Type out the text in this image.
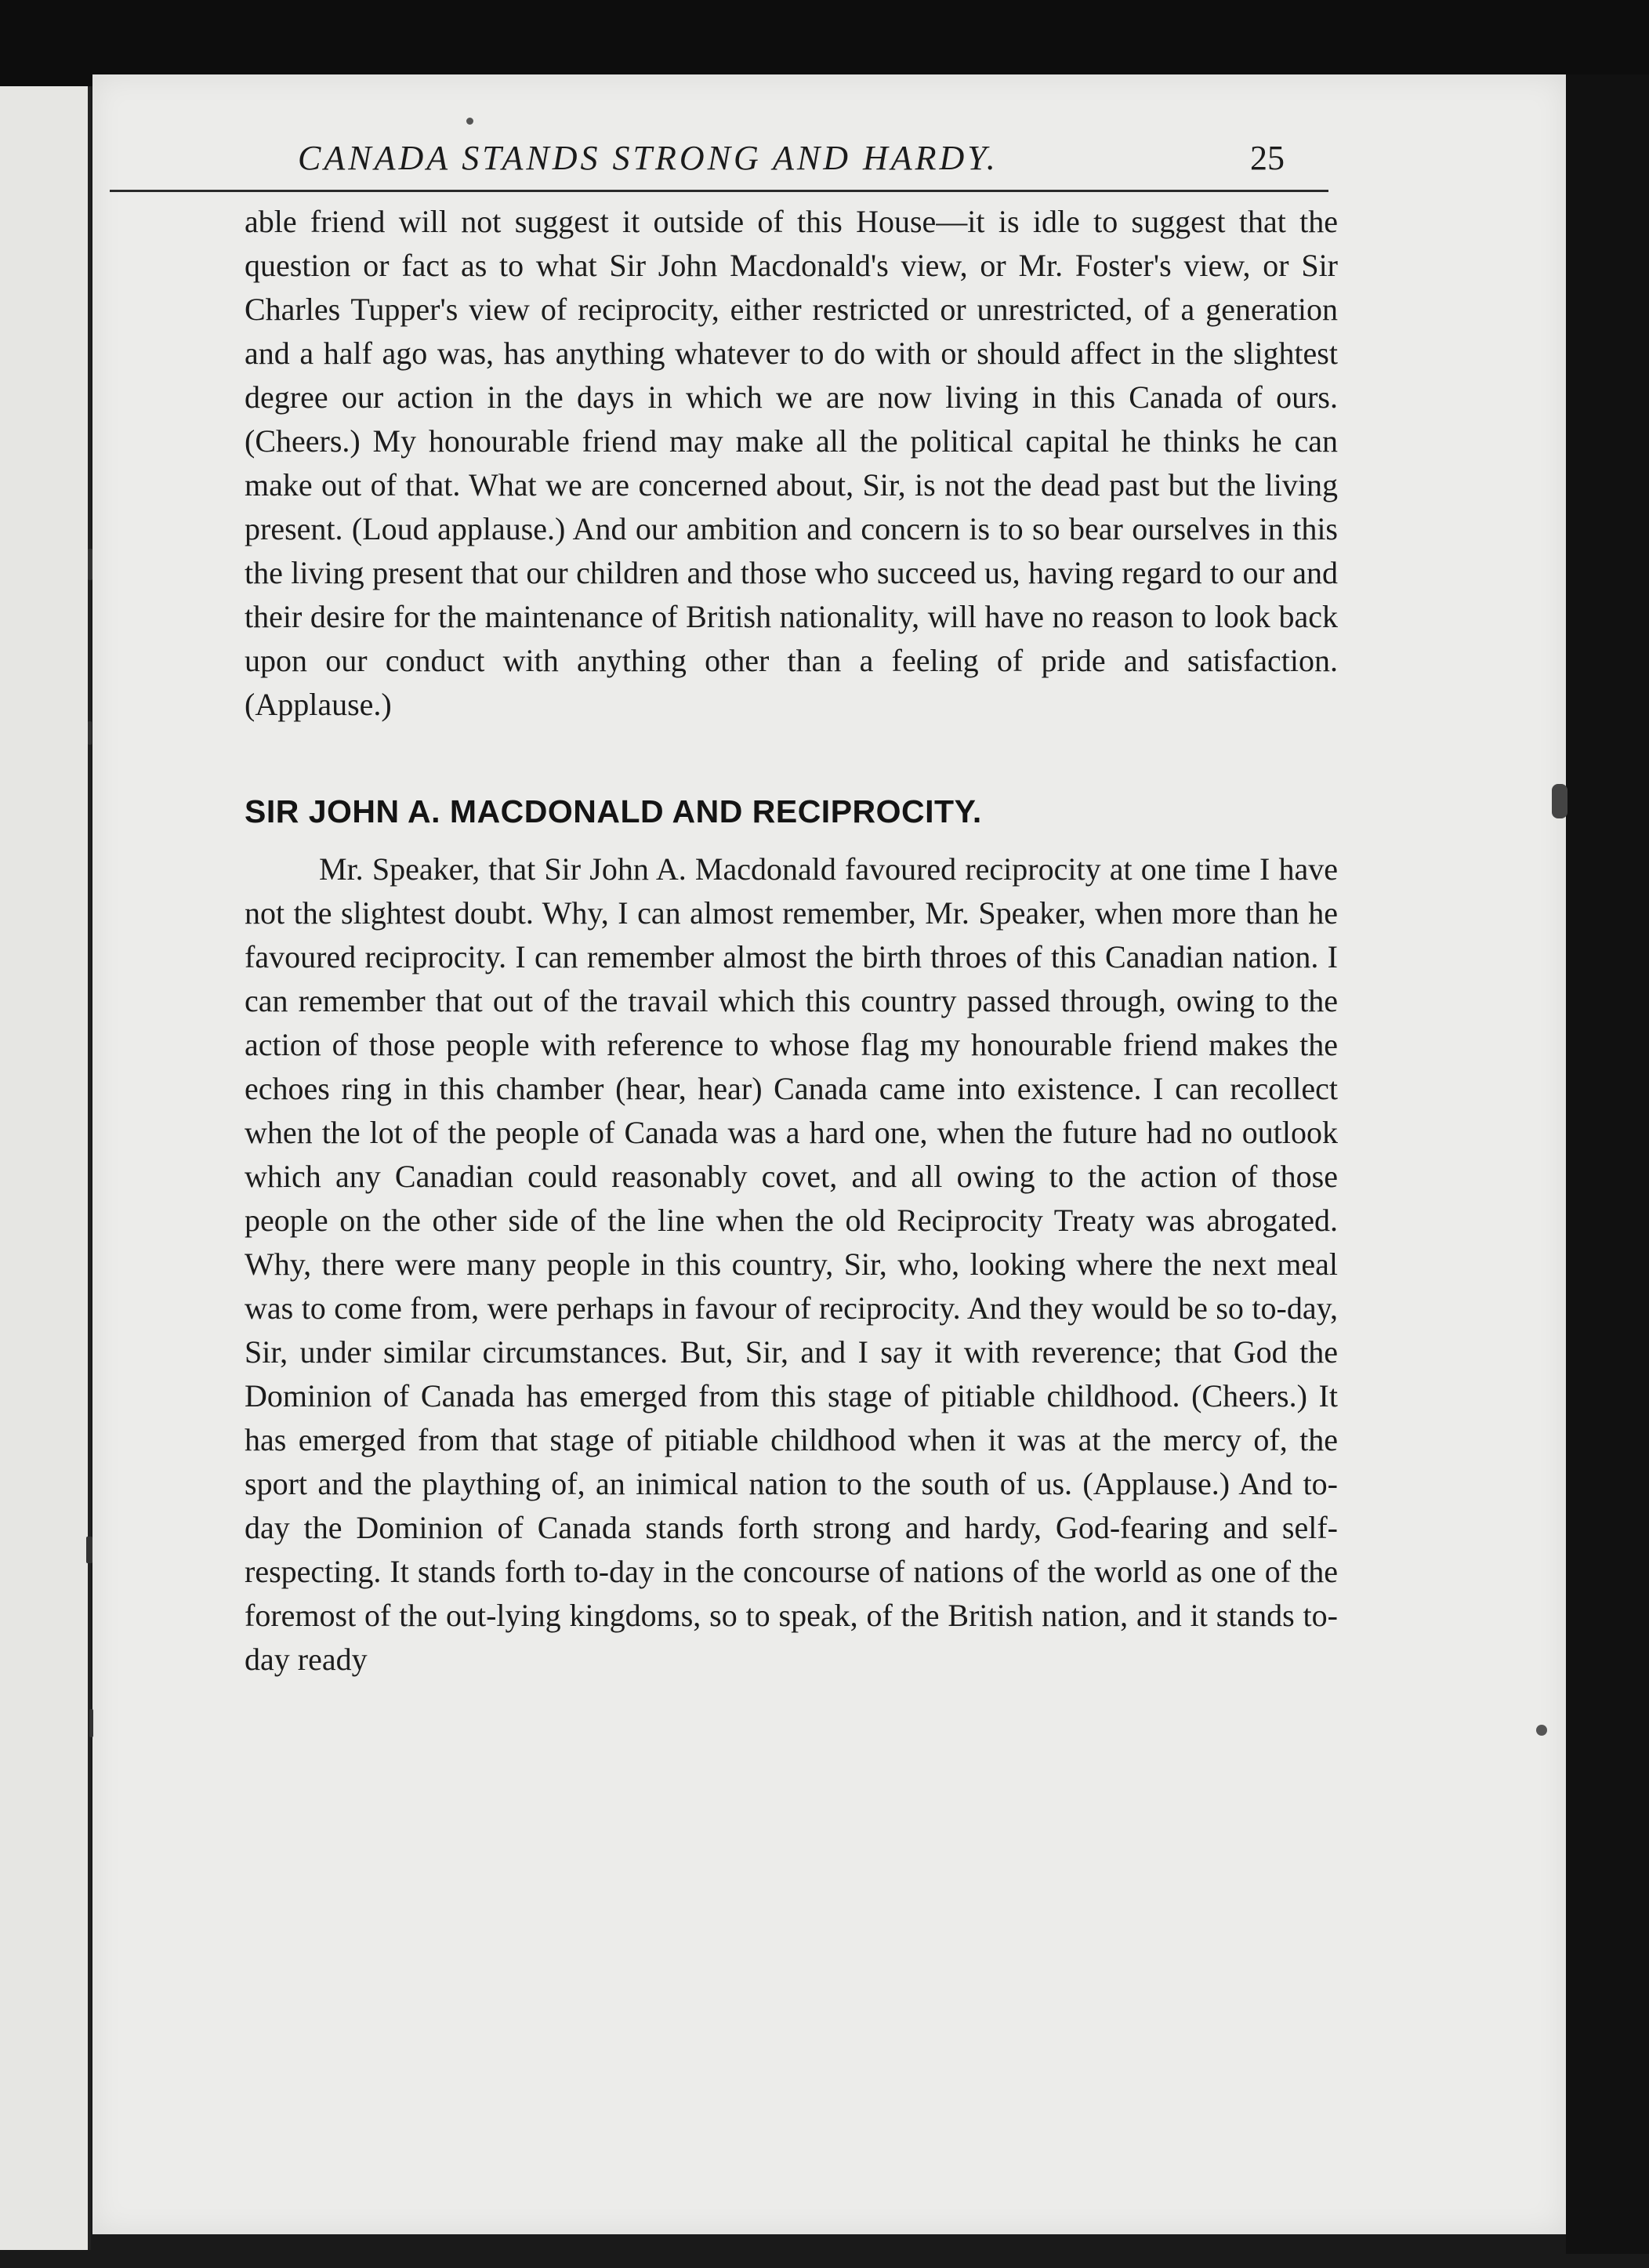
CANADA STANDS STRONG AND HARDY.	25

able friend will not suggest it outside of this House—it is idle to suggest that the question or fact as to what Sir John Macdonald's view, or Mr. Foster's view, or Sir Charles Tupper's view of reciprocity, either restricted or unrestricted, of a generation and a half ago was, has anything whatever to do with or should affect in the slightest degree our action in the days in which we are now living in this Canada of ours. (Cheers.) My honourable friend may make all the political capital he thinks he can make out of that. What we are concerned about, Sir, is not the dead past but the living present. (Loud applause.) And our ambition and concern is to so bear ourselves in this the living present that our children and those who succeed us, having regard to our and their desire for the maintenance of British nationality, will have no reason to look back upon our conduct with anything other than a feeling of pride and satisfaction. (Applause.)

SIR JOHN A. MACDONALD AND RECIPROCITY.

Mr. Speaker, that Sir John A. Macdonald favoured reciprocity at one time I have not the slightest doubt. Why, I can almost remember, Mr. Speaker, when more than he favoured reciprocity. I can remember almost the birth throes of this Canadian nation. I can remember that out of the travail which this country passed through, owing to the action of those people with reference to whose flag my honourable friend makes the echoes ring in this chamber (hear, hear) Canada came into existence. I can recollect when the lot of the people of Canada was a hard one, when the future had no outlook which any Canadian could reasonably covet, and all owing to the action of those people on the other side of the line when the old Reciprocity Treaty was abrogated. Why, there were many people in this country, Sir, who, looking where the next meal was to come from, were perhaps in favour of reciprocity. And they would be so to-day, Sir, under similar circumstances. But, Sir, and I say it with reverence; that God the Dominion of Canada has emerged from this stage of pitiable childhood. (Cheers.) It has emerged from that stage of pitiable childhood when it was at the mercy of, the sport and the plaything of, an inimical nation to the south of us. (Applause.) And to-day the Dominion of Canada stands forth strong and hardy, God-fearing and self-respecting. It stands forth to-day in the concourse of nations of the world as one of the foremost of the out-lying kingdoms, so to speak, of the British nation, and it stands to-day ready
